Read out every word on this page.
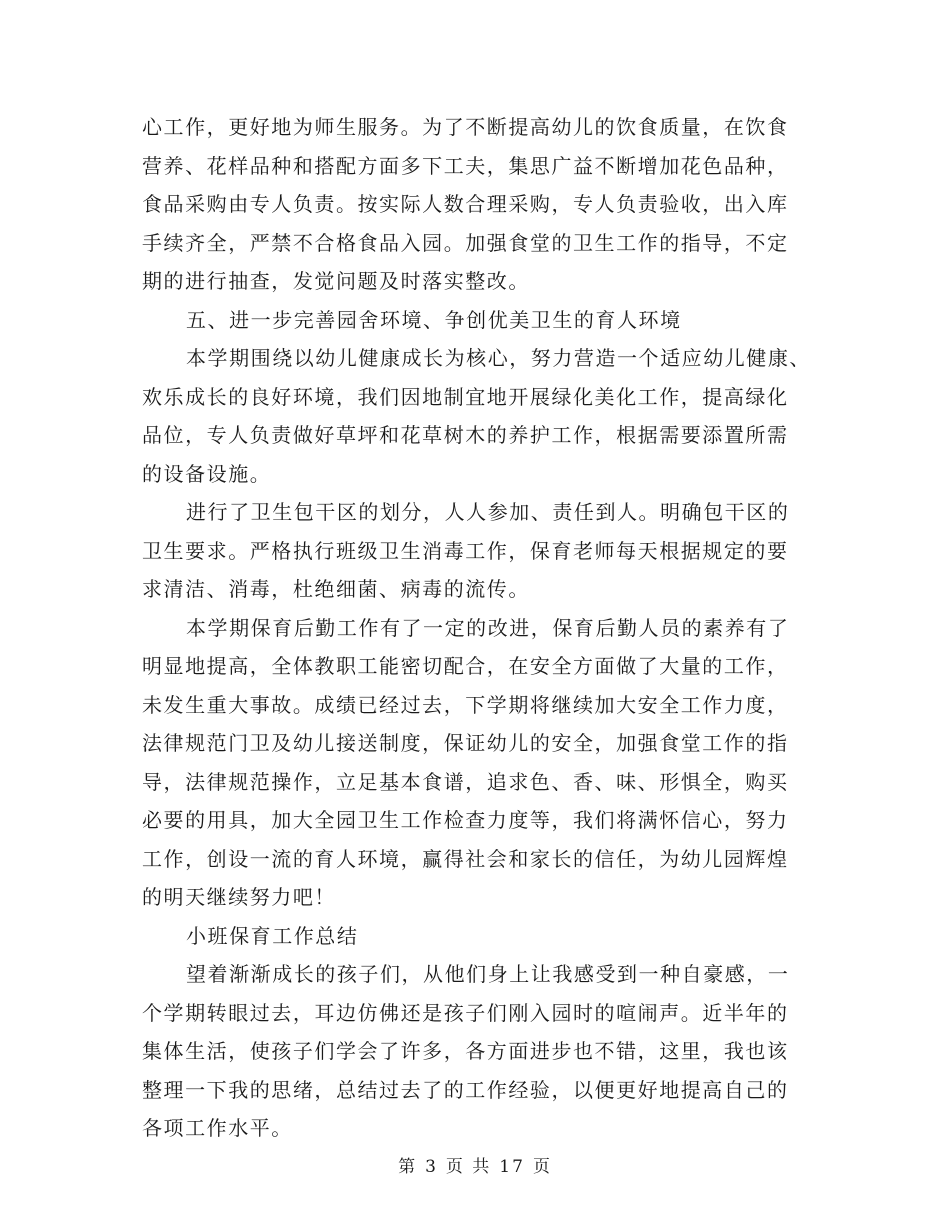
心工作，更好地为师生服务。为了不断提高幼儿的饮食质量，在饮食
营养、花样品种和搭配方面多下工夫，集思广益不断增加花色品种，
食品采购由专人负责。按实际人数合理采购，专人负责验收，出入库
手续齐全，严禁不合格食品入园。加强食堂的卫生工作的指导，不定
期的进行抽查，发觉问题及时落实整改。
五、进一步完善园舍环境、争创优美卫生的育人环境
本学期围绕以幼儿健康成长为核心，努力营造一个适应幼儿健康、
欢乐成长的良好环境，我们因地制宜地开展绿化美化工作，提高绿化
品位，专人负责做好草坪和花草树木的养护工作，根据需要添置所需
的设备设施。
进行了卫生包干区的划分，人人参加、责任到人。明确包干区的
卫生要求。严格执行班级卫生消毒工作，保育老师每天根据规定的要
求清洁、消毒，杜绝细菌、病毒的流传。
本学期保育后勤工作有了一定的改进，保育后勤人员的素养有了
明显地提高，全体教职工能密切配合，在安全方面做了大量的工作，
未发生重大事故。成绩已经过去，下学期将继续加大安全工作力度，
法律规范门卫及幼儿接送制度，保证幼儿的安全，加强食堂工作的指
导，法律规范操作，立足基本食谱，追求色、香、味、形惧全，购买
必要的用具，加大全园卫生工作检查力度等，我们将满怀信心，努力
工作，创设一流的育人环境，赢得社会和家长的信任，为幼儿园辉煌
的明天继续努力吧！
小班保育工作总结
望着渐渐成长的孩子们，从他们身上让我感受到一种自豪感，一
个学期转眼过去，耳边仿佛还是孩子们刚入园时的喧闹声。近半年的
集体生活，使孩子们学会了许多，各方面进步也不错，这里，我也该
整理一下我的思绪，总结过去了的工作经验，以便更好地提高自己的
各项工作水平。
第 3 页 共 17 页
